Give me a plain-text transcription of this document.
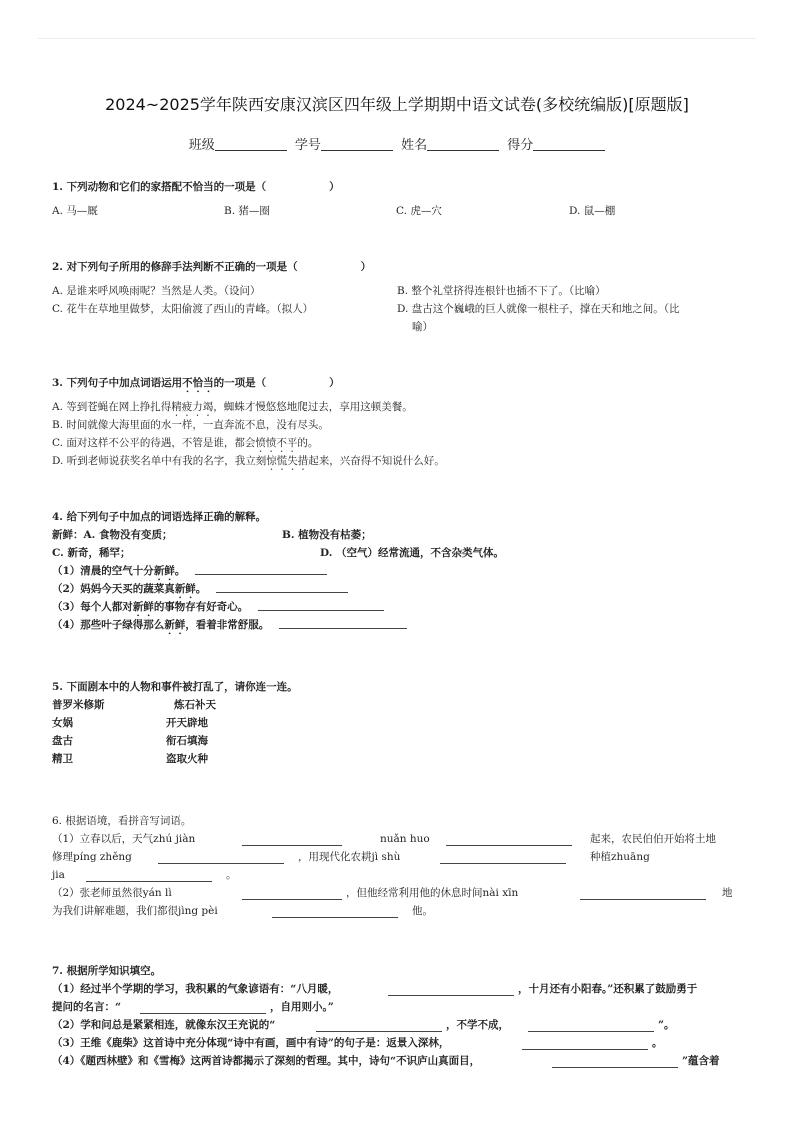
2024~2025学年陕西安康汉滨区四年级上学期期中语文试卷(多校统编版)[原题版]
班级	学号	姓名	得分
1. 下列动物和它们的家搭配不恰当的一项是（　　　　　　）
A. 马—厩	B. 猪—圈	C. 虎—穴	D. 鼠—棚
2. 对下列句子所用的修辞手法判断不正确的一项是（　　　　　　）
A. 是谁来呼风唤雨呢？当然是人类。（设问）	B. 整个礼堂挤得连根针也插不下了。（比喻）
C. 花牛在草地里做梦，太阳偷渡了西山的青峰。（拟人）	D. 盘古这个巍峨的巨人就像一根柱子，撑在天和地之间。（比
喻）
3. 下列句子中加点词语运用不恰当的一项是（　　　　　　）
A. 等到苍蝇在网上挣扎得精疲力竭，蜘蛛才慢悠悠地爬过去，享用这顿美餐。
B. 时间就像大海里面的水一样，一直奔流不息，没有尽头。
C. 面对这样不公平的待遇，不管是谁，都会愤愤不平的。
D. 听到老师说获奖名单中有我的名字，我立刻惊慌失措起来，兴奋得不知说什么好。
4. 给下列句子中加点的词语选择正确的解释。
新鲜：A. 食物没有变质；	B. 植物没有枯萎；
C. 新奇，稀罕；	D. （空气）经常流通，不含杂类气体。
（1）清晨的空气十分新鲜。
（2）妈妈今天买的蔬菜真新鲜。
（3）每个人都对新鲜的事物存有好奇心。
（4）那些叶子绿得那么新鲜，看着非常舒服。
5. 下面剧本中的人物和事件被打乱了，请你连一连。
普罗米修斯	炼石补天
女娲	开天辟地
盘古	衔石填海
精卫	盗取火种
6. 根据语境，看拼音写词语。
（1）立春以后，天气zhú jiàn	nuǎn huo	起来，农民伯伯开始将土地
修理píng zhěng	，用现代化农耕jì shù	种植zhuāng
jia	。
（2）张老师虽然很yán lì	，但他经常利用他的休息时间nài xīn	地
为我们讲解难题，我们都很jìng pèi	他。
7. 根据所学知识填空。
（1）经过半个学期的学习，我积累的气象谚语有：“八月暖，	，十月还有小阳春。”还积累了鼓励勇于
提问的名言：“	，自用则小。”
（2）学和问总是紧紧相连，就像东汉王充说的“	，不学不成，	”。
（3）王维《鹿柴》这首诗中充分体现“诗中有画，画中有诗”的句子是：返景入深林，	。
（4）《题西林壁》和《雪梅》这两首诗都揭示了深刻的哲理。其中，诗句“不识庐山真面目，	”蕴含着
